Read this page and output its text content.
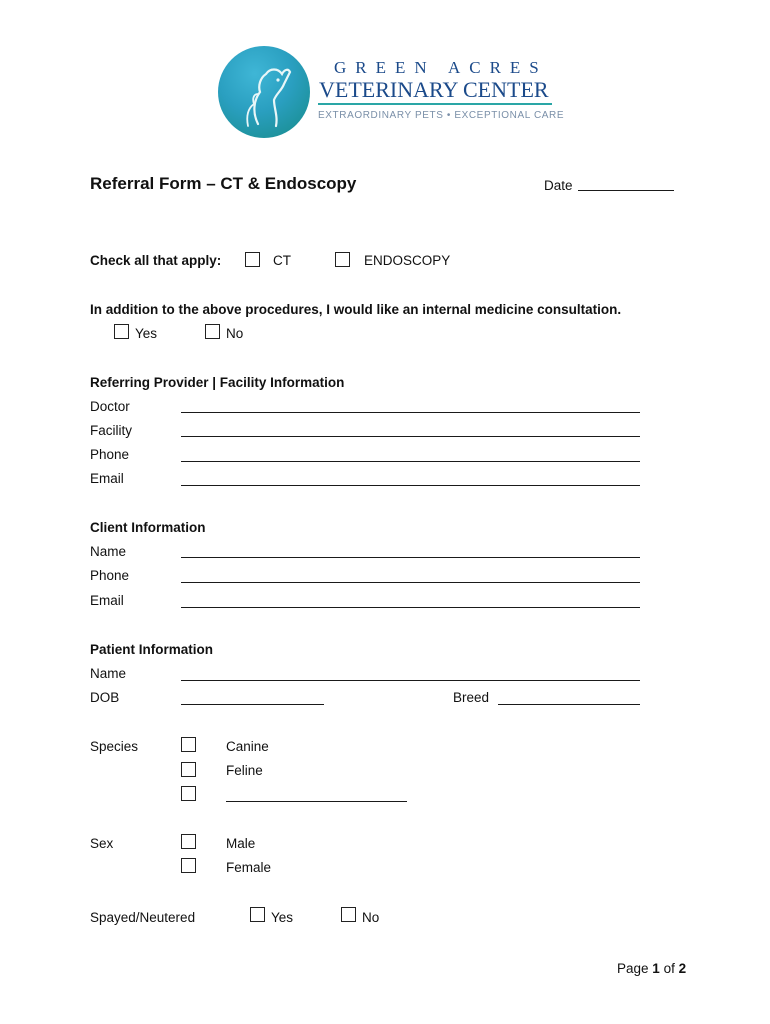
GREEN ACRES
VETERINARY CENTER
EXTRAORDINARY PETS • EXCEPTIONAL CARE
Referral Form – CT & Endoscopy	Date
Check all that apply:	CT	ENDOSCOPY
In addition to the above procedures, I would like an internal medicine consultation.
Yes	No
Referring Provider | Facility Information
Doctor
Facility
Phone
Email
Client Information
Name
Phone
Email
Patient Information
Name
DOB	Breed
Species	Canine
Feline
Sex	Male
Female
Spayed/Neutered	Yes	No
Page 1 of 2
